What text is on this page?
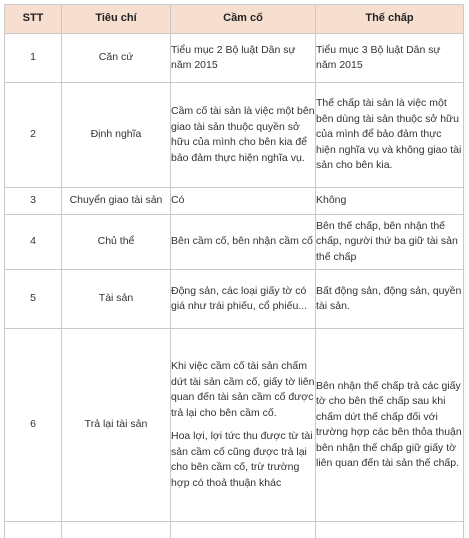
STT	Tiêu chí	Cầm cố	Thế chấp
1	Căn cứ	Tiểu mục 2 Bộ luật Dân sự năm 2015	Tiểu mục 3 Bộ luật Dân sự năm 2015

2	Định nghĩa	Cầm cố tài sản là việc một bên giao tài sản thuộc quyền sở hữu của mình cho bên kia để bảo đảm thực hiện nghĩa vụ.	Thế chấp tài sản là việc một bên dùng tài sản thuộc sở hữu của mình để bảo đảm thực hiện nghĩa vụ và không giao tài sản cho bên kia.

3	Chuyển giao tài sản	Có	Không

4	Chủ thể	Bên cầm cố, bên nhận cầm cố	Bên thế chấp, bên nhận thế chấp, người thứ ba giữ tài sản thế chấp

5	Tài sản	Động sản, các loại giấy tờ có giá như trái phiếu, cổ phiếu...	Bất động sản, động sản, quyền tài sản.

6	Trả lại tài sản	Khi việc cầm cố tài sản chấm dứt tài sản cầm cố, giấy tờ liên quan đến tài sản cầm cố được trả lại cho bên cầm cố.
Hoa lợi, lợi tức thu được từ tài sản cầm cố cũng được trả lại cho bên cầm cố, trừ trường hợp có thoả thuận khác	Bên nhận thế chấp trả các giấy tờ cho bên thế chấp sau khi chấm dứt thế chấp đối với trường hợp các bên thỏa thuận bên nhận thế chấp giữ giấy tờ liên quan đến tài sản thế chấp.
